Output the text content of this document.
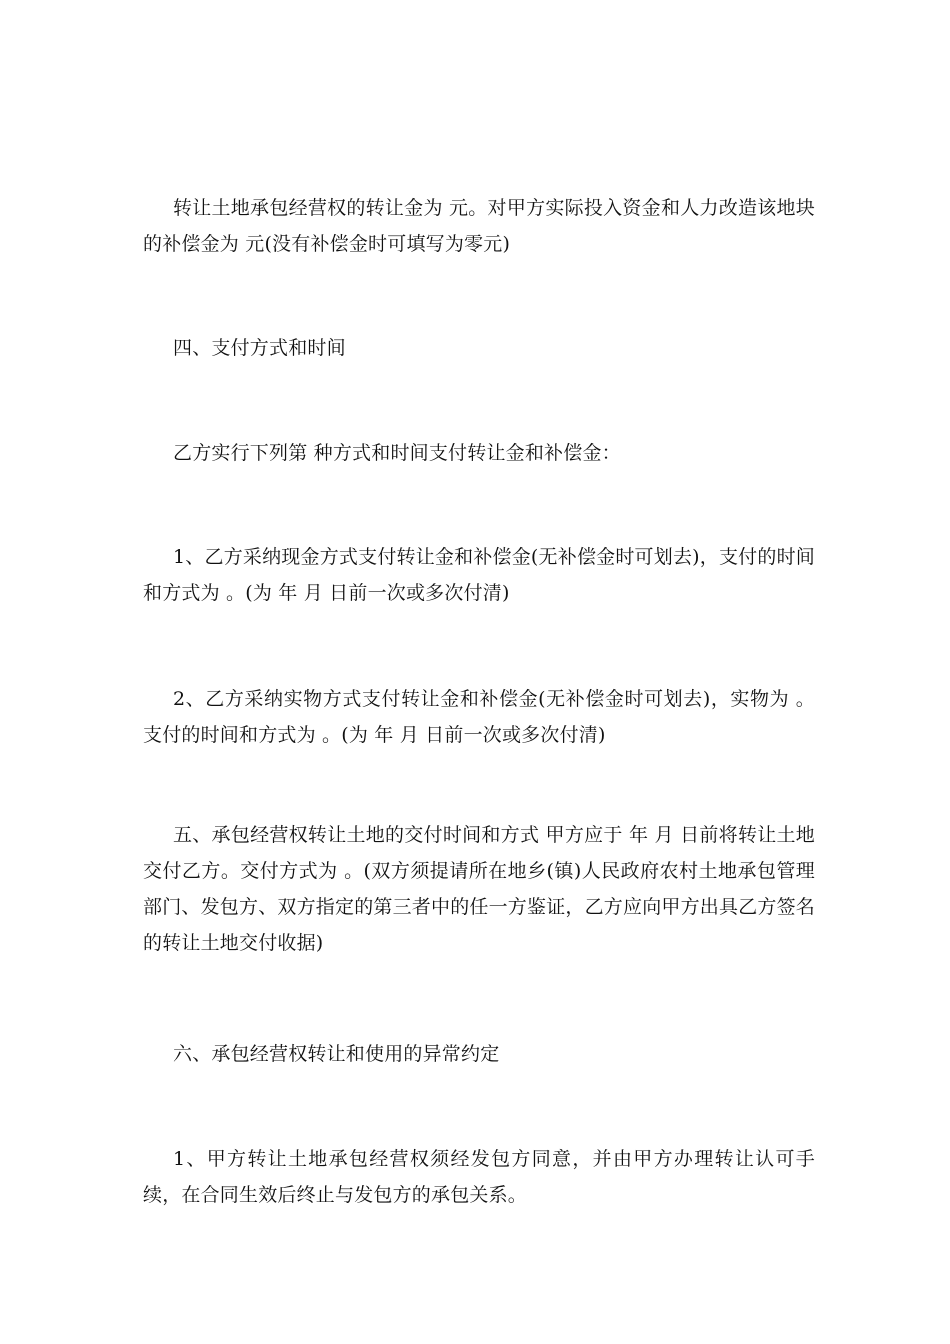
转让土地承包经营权的转让金为 元。对甲方实际投入资金和人力改造该地块的补偿金为 元(没有补偿金时可填写为零元)

四、支付方式和时间

乙方实行下列第 种方式和时间支付转让金和补偿金：

1、乙方采纳现金方式支付转让金和补偿金(无补偿金时可划去)，支付的时间和方式为 。(为 年 月 日前一次或多次付清)

2、乙方采纳实物方式支付转让金和补偿金(无补偿金时可划去)，实物为 。支付的时间和方式为 。(为 年 月 日前一次或多次付清)

五、承包经营权转让土地的交付时间和方式 甲方应于 年 月 日前将转让土地交付乙方。交付方式为 。(双方须提请所在地乡(镇)人民政府农村土地承包管理部门、发包方、双方指定的第三者中的任一方鉴证，乙方应向甲方出具乙方签名的转让土地交付收据)

六、承包经营权转让和使用的异常约定

1、甲方转让土地承包经营权须经发包方同意，并由甲方办理转让认可手续，在合同生效后终止与发包方的承包关系。
